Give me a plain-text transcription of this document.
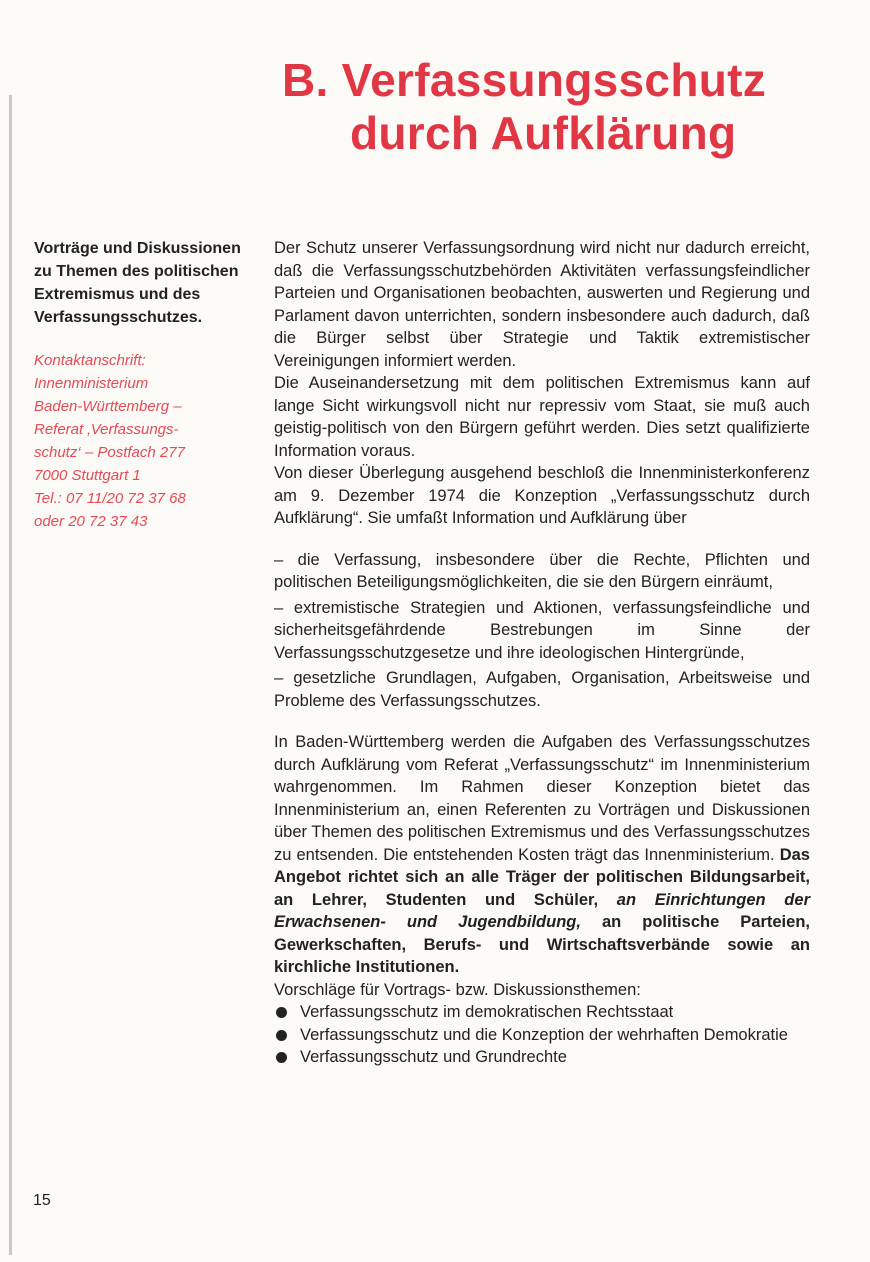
B. Verfassungsschutz
durch Aufklärung

Vorträge und Diskussionen zu Themen des politischen Extremismus und des Verfassungsschutzes.

Kontaktanschrift:
Innenministerium
Baden-Württemberg –
Referat ‚Verfassungs-
schutz‘ – Postfach 277
7000 Stuttgart 1
Tel.: 07 11/20 72 37 68
oder 20 72 37 43

Der Schutz unserer Verfassungsordnung wird nicht nur dadurch erreicht, daß die Verfassungsschutzbehörden Aktivitäten verfassungsfeindlicher Parteien und Organisationen beobachten, auswerten und Regierung und Parlament davon unterrichten, sondern insbesondere auch dadurch, daß die Bürger selbst über Strategie und Taktik extremistischer Vereinigungen informiert werden.

Die Auseinandersetzung mit dem politischen Extremismus kann auf lange Sicht wirkungsvoll nicht nur repressiv vom Staat, sie muß auch geistig-politisch von den Bürgern geführt werden. Dies setzt qualifizierte Information voraus.

Von dieser Überlegung ausgehend beschloß die Innenministerkonferenz am 9. Dezember 1974 die Konzeption „Verfassungsschutz durch Aufklärung“. Sie umfaßt Information und Aufklärung über

– die Verfassung, insbesondere über die Rechte, Pflichten und politischen Beteiligungsmöglichkeiten, die sie den Bürgern einräumt,
– extremistische Strategien und Aktionen, verfassungsfeindliche und sicherheitsgefährdende Bestrebungen im Sinne der Verfassungsschutzgesetze und ihre ideologischen Hintergründe,
– gesetzliche Grundlagen, Aufgaben, Organisation, Arbeitsweise und Probleme des Verfassungsschutzes.

In Baden-Württemberg werden die Aufgaben des Verfassungsschutzes durch Aufklärung vom Referat „Verfassungsschutz“ im Innenministerium wahrgenommen. Im Rahmen dieser Konzeption bietet das Innenministerium an, einen Referenten zu Vorträgen und Diskussionen über Themen des politischen Extremismus und des Verfassungsschutzes zu entsenden. Die entstehenden Kosten trägt das Innenministerium. Das Angebot richtet sich an alle Träger der politischen Bildungsarbeit, an Lehrer, Studenten und Schüler, an Einrichtungen der Erwachsenen- und Jugendbildung, an politische Parteien, Gewerkschaften, Berufs- und Wirtschaftsverbände sowie an kirchliche Institutionen.

Vorschläge für Vortrags- bzw. Diskussionsthemen:

Verfassungsschutz im demokratischen Rechtsstaat
Verfassungsschutz und die Konzeption der wehrhaften Demokratie
Verfassungsschutz und Grundrechte
15
